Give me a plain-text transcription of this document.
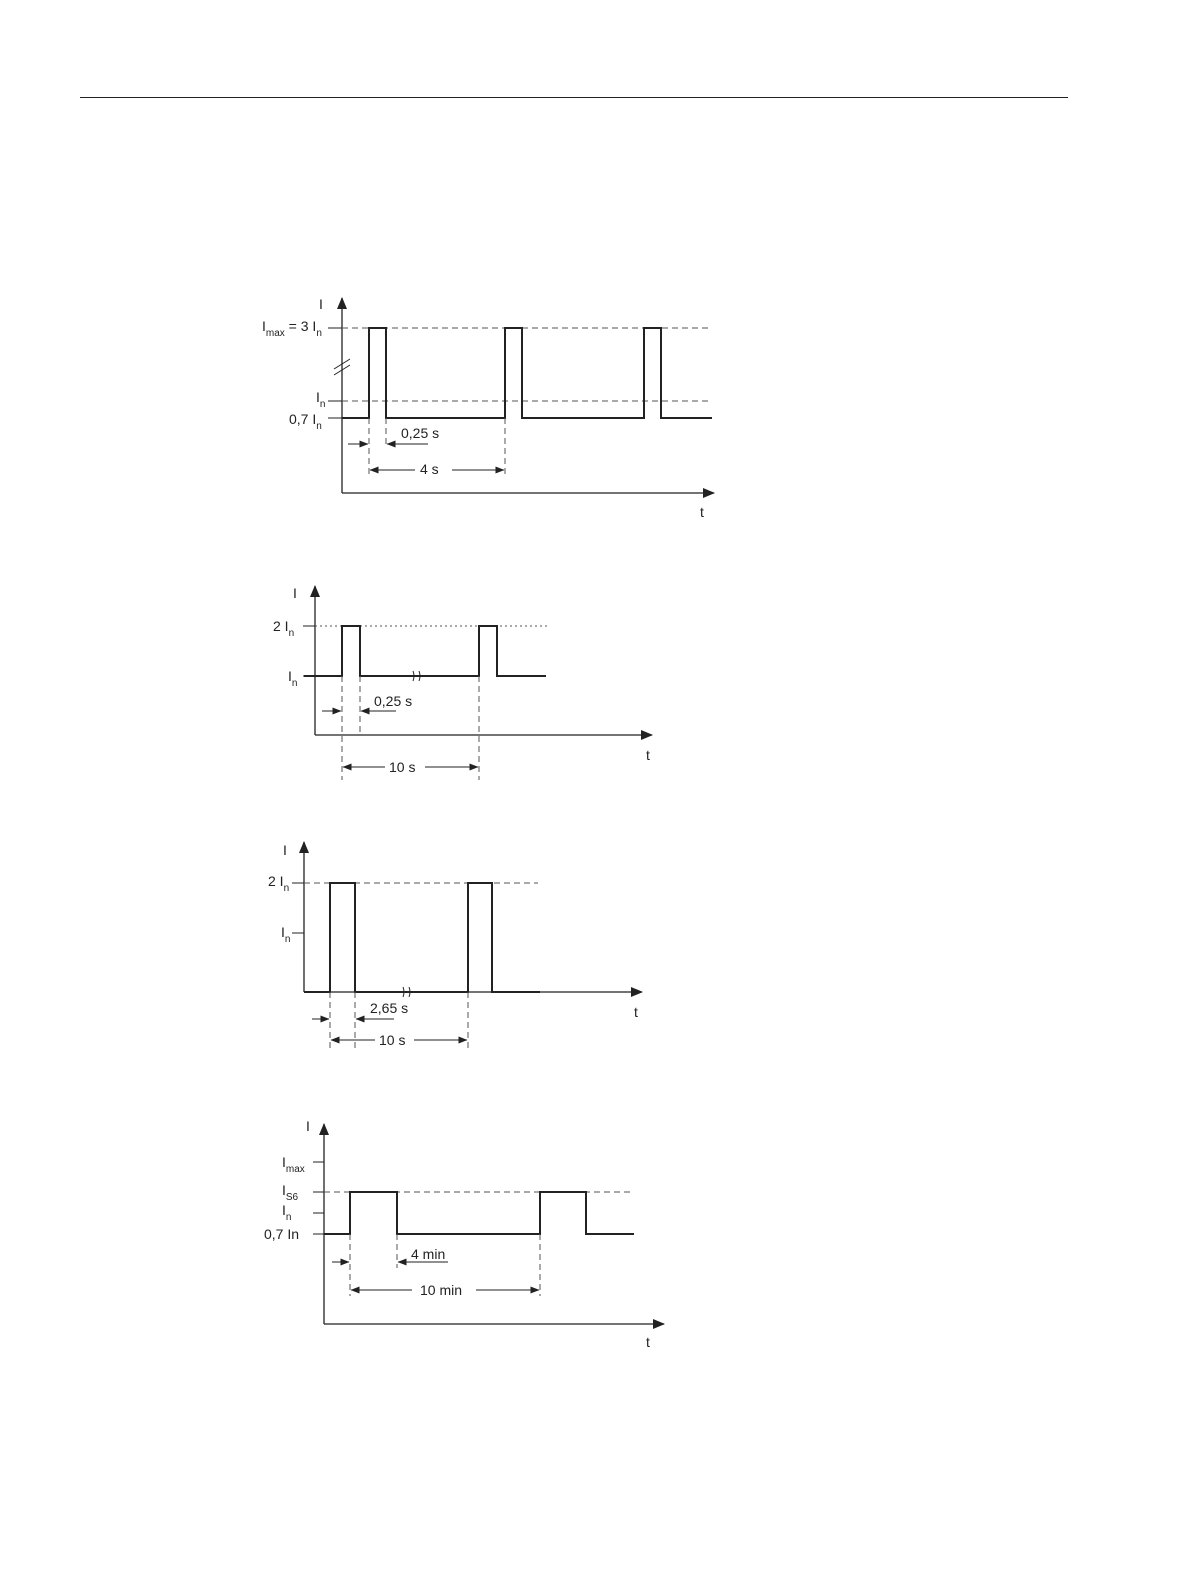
I
t
$I_{max} = 3$ $I_n$
$I_n$
0,7 $I_n$	0,25 s
4 s
I
t
2 $I_n$
$I_n$
0,25 s
10 s
I
t
2 $I_n$
$I_n$
2,65 s
10 s
I
t
$I_{max}$
$I_{S6}$
$I_n$
0,7 In
4 min
10 min
